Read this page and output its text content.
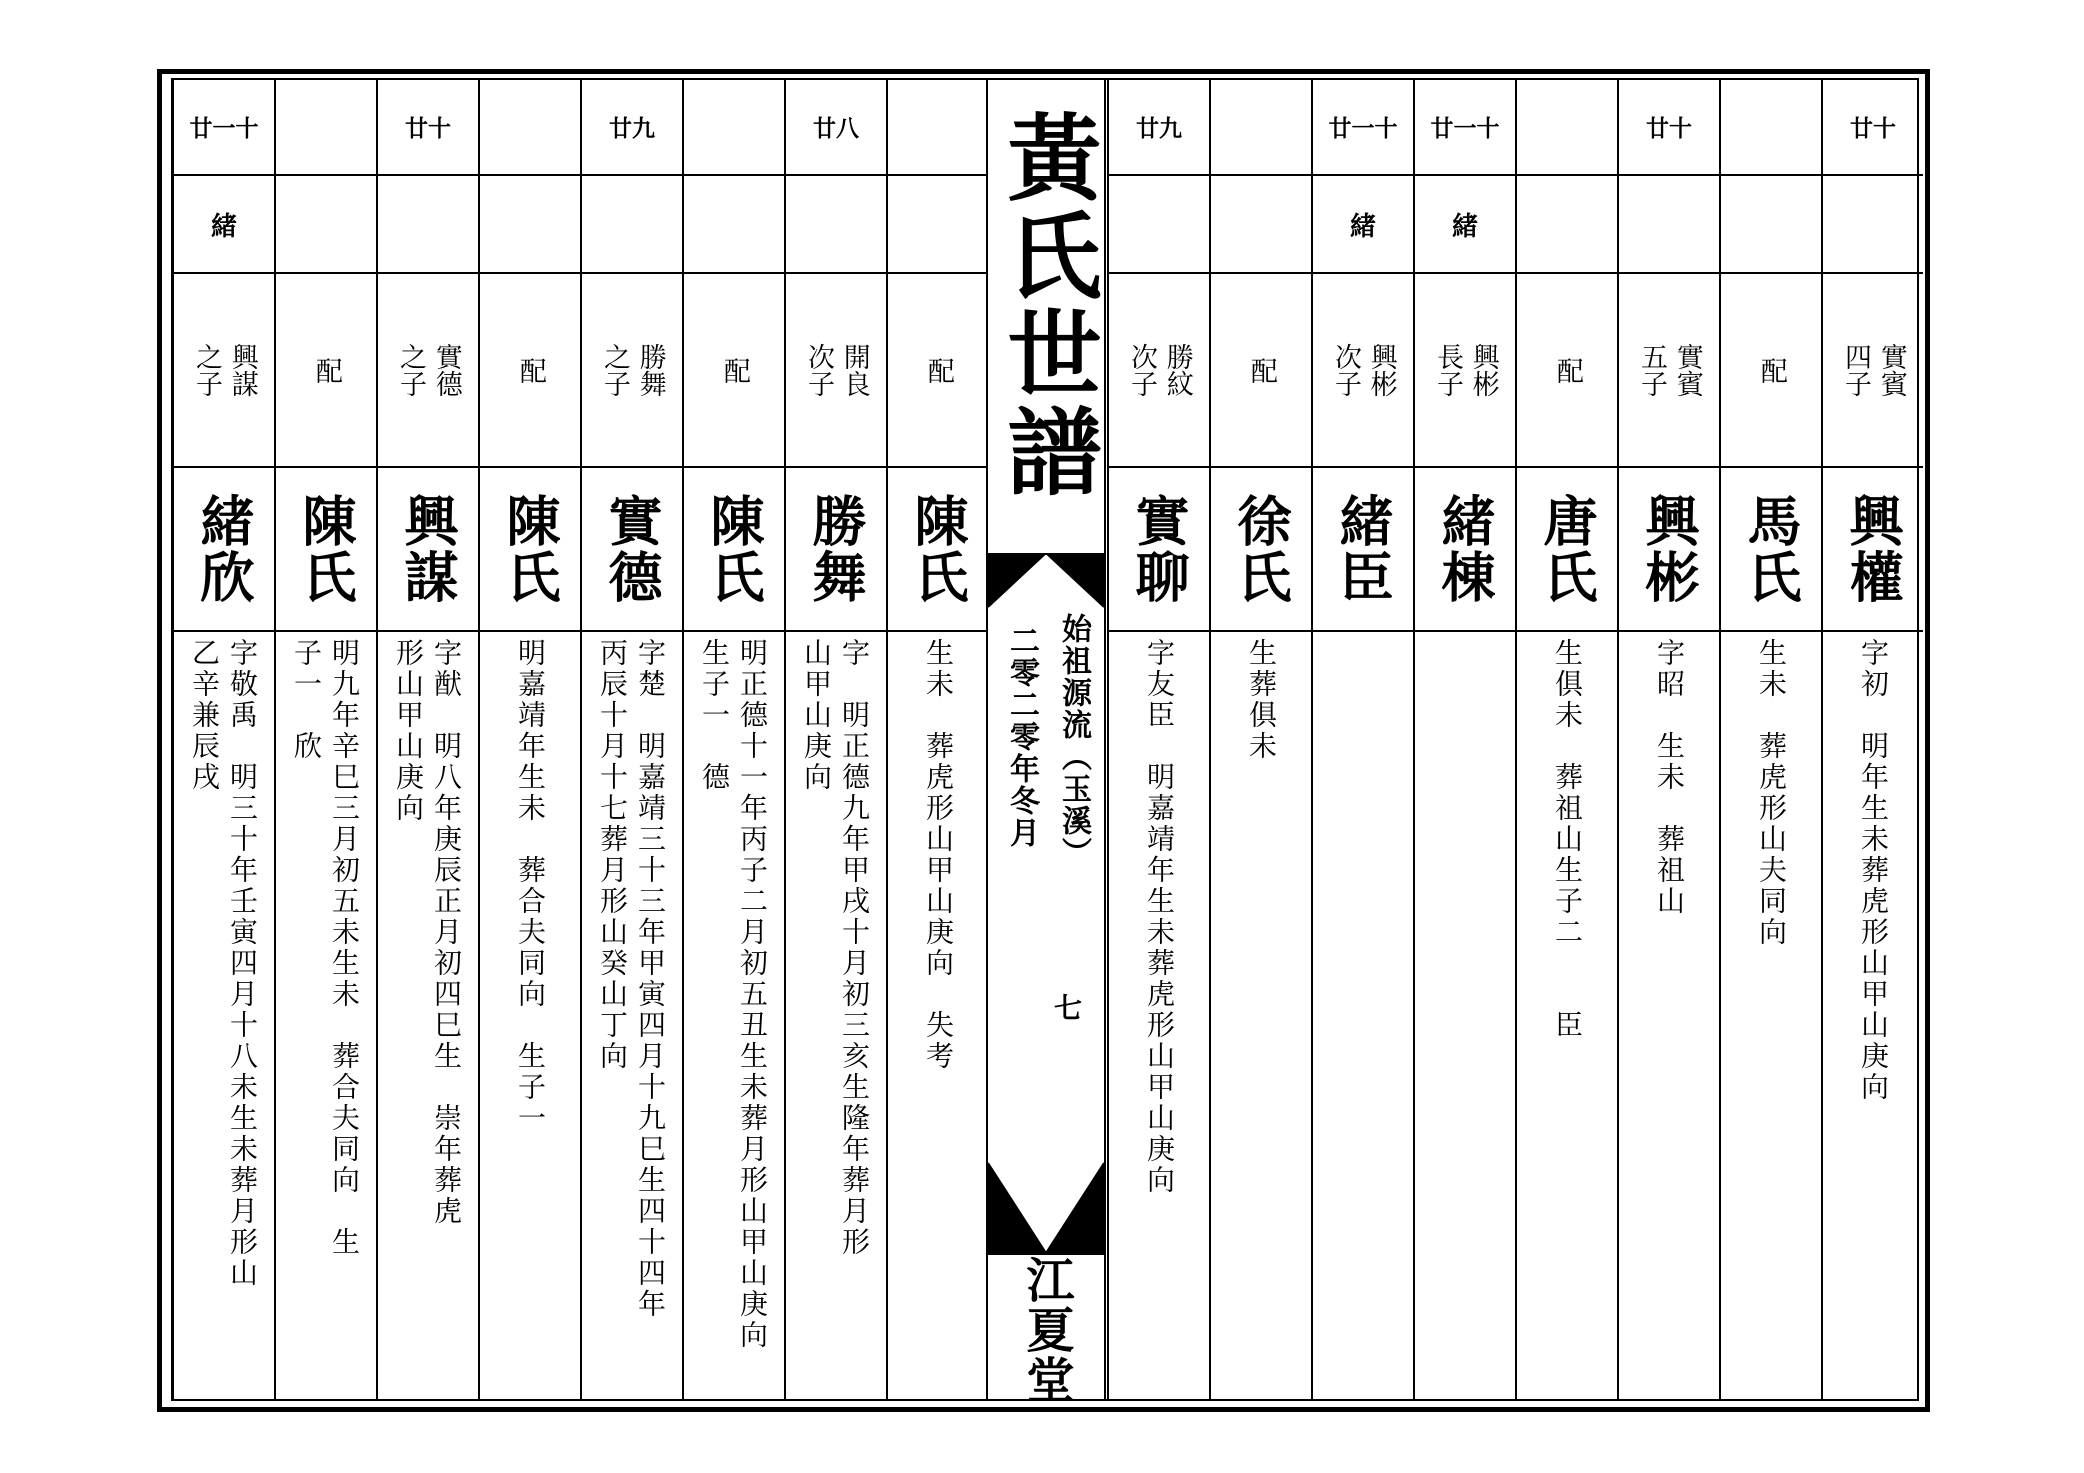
廿一十
緒
興謀
之子
緒欣
字敬禹　明三十年壬寅四月十八未生未葬月形山
乙辛兼辰戌
配
陳氏
明九年辛巳三月初五未生未　葬合夫同向　生
子一　欣
廿十
實德
之子
興謀
字猷　明八年庚辰正月初四巳生　崇年葬虎
形山甲山庚向
配
陳氏
明嘉靖年生未　葬合夫同向　生子一
廿九
勝舞
之子
實德
字楚　明嘉靖三十三年甲寅四月十九巳生四十四年
丙辰十月十七葬月形山癸山丁向
配
陳氏
明正德十一年丙子二月初五丑生未葬月形山甲山庚向
生子一　德
廿八
開良
次子
勝舞
字　明正德九年甲戌十月初三亥生隆年葬月形
山甲山庚向
配
陳氏
生未　葬虎形山甲山庚向　失考
廿九
勝紋
次子
實聊
字友臣　明嘉靖年生未葬虎形山甲山庚向
配
徐氏
生葬俱未
廿一十
緒
興彬
次子
緒臣
廿一十
緒
興彬
長子
緒棟
配
唐氏
生俱未　葬祖山生子二　　臣
廿十
實賓
五子
興彬
字昭　生未　葬祖山
配
馬氏
生未　葬虎形山夫同向
廿十
實賓
四子
興權
字初　明年生未葬虎形山甲山庚向
黃氏世譜
始祖源流（玉溪）
七
二零二零年冬月
江夏堂
